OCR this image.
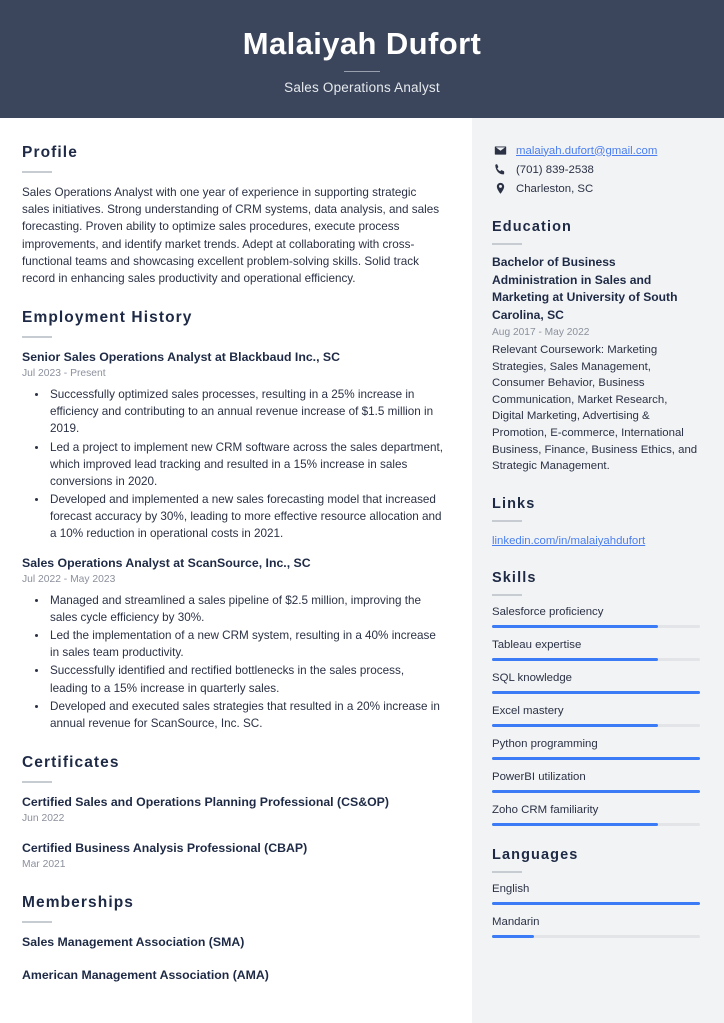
Malaiyah Dufort
Sales Operations Analyst
Profile
Sales Operations Analyst with one year of experience in supporting strategic sales initiatives. Strong understanding of CRM systems, data analysis, and sales forecasting. Proven ability to optimize sales procedures, execute process improvements, and identify market trends. Adept at collaborating with cross-functional teams and showcasing excellent problem-solving skills. Solid track record in enhancing sales productivity and operational efficiency.
Employment History
Senior Sales Operations Analyst at Blackbaud Inc., SC
Jul 2023 - Present
• Successfully optimized sales processes, resulting in a 25% increase in efficiency and contributing to an annual revenue increase of $1.5 million in 2019.
• Led a project to implement new CRM software across the sales department, which improved lead tracking and resulted in a 15% increase in sales conversions in 2020.
• Developed and implemented a new sales forecasting model that increased forecast accuracy by 30%, leading to more effective resource allocation and a 10% reduction in operational costs in 2021.
Sales Operations Analyst at ScanSource, Inc., SC
Jul 2022 - May 2023
• Managed and streamlined a sales pipeline of $2.5 million, improving the sales cycle efficiency by 30%.
• Led the implementation of a new CRM system, resulting in a 40% increase in sales team productivity.
• Successfully identified and rectified bottlenecks in the sales process, leading to a 15% increase in quarterly sales.
• Developed and executed sales strategies that resulted in a 20% increase in annual revenue for ScanSource, Inc. SC.
Certificates
Certified Sales and Operations Planning Professional (CS&OP)
Jun 2022
Certified Business Analysis Professional (CBAP)
Mar 2021
Memberships
Sales Management Association (SMA)
American Management Association (AMA)
malaiyah.dufort@gmail.com
(701) 839-2538
Charleston, SC
Education
Bachelor of Business Administration in Sales and Marketing at University of South Carolina, SC
Aug 2017 - May 2022
Relevant Coursework: Marketing Strategies, Sales Management, Consumer Behavior, Business Communication, Market Research, Digital Marketing, Advertising & Promotion, E-commerce, International Business, Finance, Business Ethics, and Strategic Management.
Links
linkedin.com/in/malaiyahdufort
Skills
Salesforce proficiency
Tableau expertise
SQL knowledge
Excel mastery
Python programming
PowerBI utilization
Zoho CRM familiarity
Languages
English
Mandarin
